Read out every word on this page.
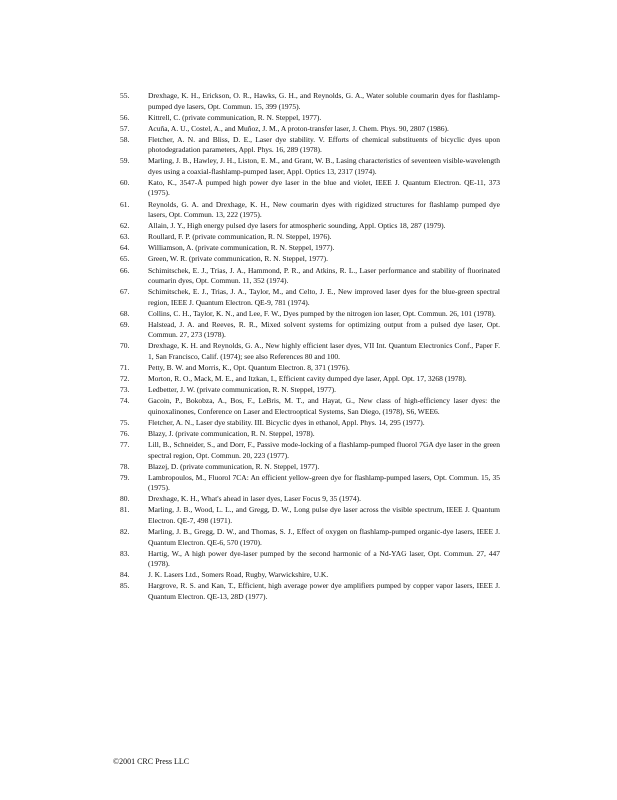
55. Drexhage, K. H., Erickson, O. R., Hawks, G. H., and Reynolds, G. A., Water soluble coumarin dyes for flashlamp-pumped dye lasers, Opt. Commun. 15, 399 (1975).
56. Kittrell, C. (private communication, R. N. Steppel, 1977).
57. Acuña, A. U., Costel, A., and Muñoz, J. M., A proton-transfer laser, J. Chem. Phys. 90, 2807 (1986).
58. Fletcher, A. N. and Bliss, D. E., Laser dye stability. V. Efforts of chemical substituents of bicyclic dyes upon photodegradation parameters, Appl. Phys. 16, 289 (1978).
59. Marling, J. B., Hawley, J. H., Liston, E. M., and Grant, W. B., Lasing characteristics of seventeen visible-wavelength dyes using a coaxial-flashlamp-pumped laser, Appl. Optics 13, 2317 (1974).
60. Kato, K., 3547-Å pumped high power dye laser in the blue and violet, IEEE J. Quantum Electron. QE-11, 373 (1975).
61. Reynolds, G. A. and Drexhage, K. H., New coumarin dyes with rigidized structures for flashlamp pumped dye lasers, Opt. Commun. 13, 222 (1975).
62. Allain, J. Y., High energy pulsed dye lasers for atmospheric sounding, Appl. Optics 18, 287 (1979).
63. Roullard, F. P. (private communication, R. N. Steppel, 1976).
64. Williamson, A. (private communication, R. N. Steppel, 1977).
65. Green, W. R. (private communication, R. N. Steppel, 1977).
66. Schimitschek, E. J., Trias, J. A., Hammond, P. R., and Atkins, R. L., Laser performance and stability of fluorinated coumarin dyes, Opt. Commun. 11, 352 (1974).
67. Schimitschek, E. J., Trias, J. A., Taylor, M., and Celto, J. E., New improved laser dyes for the blue-green spectral region, IEEE J. Quantum Electron. QE-9, 781 (1974).
68. Collins, C. H., Taylor, K. N., and Lee, F. W., Dyes pumped by the nitrogen ion laser, Opt. Commun. 26, 101 (1978).
69. Halstead, J. A. and Reeves, R. R., Mixed solvent systems for optimizing output from a pulsed dye laser, Opt. Commun. 27, 273 (1978).
70. Drexhage, K. H. and Reynolds, G. A., New highly efficient laser dyes, VII Int. Quantum Electronics Conf., Paper F. 1, San Francisco, Calif. (1974); see also References 80 and 100.
71. Petty, B. W. and Morris, K., Opt. Quantum Electron. 8, 371 (1976).
72. Morton, R. O., Mack, M. E., and Itzkan, I., Efficient cavity dumped dye laser, Appl. Opt. 17, 3268 (1978).
73. Ledbetter, J. W. (private communication, R. N. Steppel, 1977).
74. Gacoin, P., Bokobza, A., Bos, F., LeBris, M. T., and Hayat, G., New class of high-efficiency laser dyes: the quinoxalinones, Conference on Laser and Electrooptical Systems, San Diego, (1978), S6, WEE6.
75. Fletcher, A. N., Laser dye stability. III. Bicyclic dyes in ethanol, Appl. Phys. 14, 295 (1977).
76. Blazy, J. (private communication, R. N. Steppel, 1978).
77. Lill, B., Schneider, S., and Dorr, F., Passive mode-locking of a flashlamp-pumped fluorol 7GA dye laser in the green spectral region, Opt. Commun. 20, 223 (1977).
78. Blazej, D. (private communication, R. N. Steppel, 1977).
79. Lambropoulos, M., Fluorol 7CA: An efficient yellow-green dye for flashlamp-pumped lasers, Opt. Commun. 15, 35 (1975).
80. Drexhage, K. H., What's ahead in laser dyes, Laser Focus 9, 35 (1974).
81. Marling, J. B., Wood, L. L., and Gregg, D. W., Long pulse dye laser across the visible spectrum, IEEE J. Quantum Electron. QE-7, 498 (1971).
82. Marling, J. B., Gregg, D. W., and Thomas, S. J., Effect of oxygen on flashlamp-pumped organic-dye lasers, IEEE J. Quantum Electron. QE-6, 570 (1970).
83. Hartig, W., A high power dye-laser pumped by the second harmonic of a Nd-YAG laser, Opt. Commun. 27, 447 (1978).
84. J. K. Lasers Ltd., Somers Road, Rugby, Warwickshire, U.K.
85. Hargrove, R. S. and Kan, T., Efficient, high average power dye amplifiers pumped by copper vapor lasers, IEEE J. Quantum Electron. QE-13, 28D (1977).
©2001 CRC Press LLC
